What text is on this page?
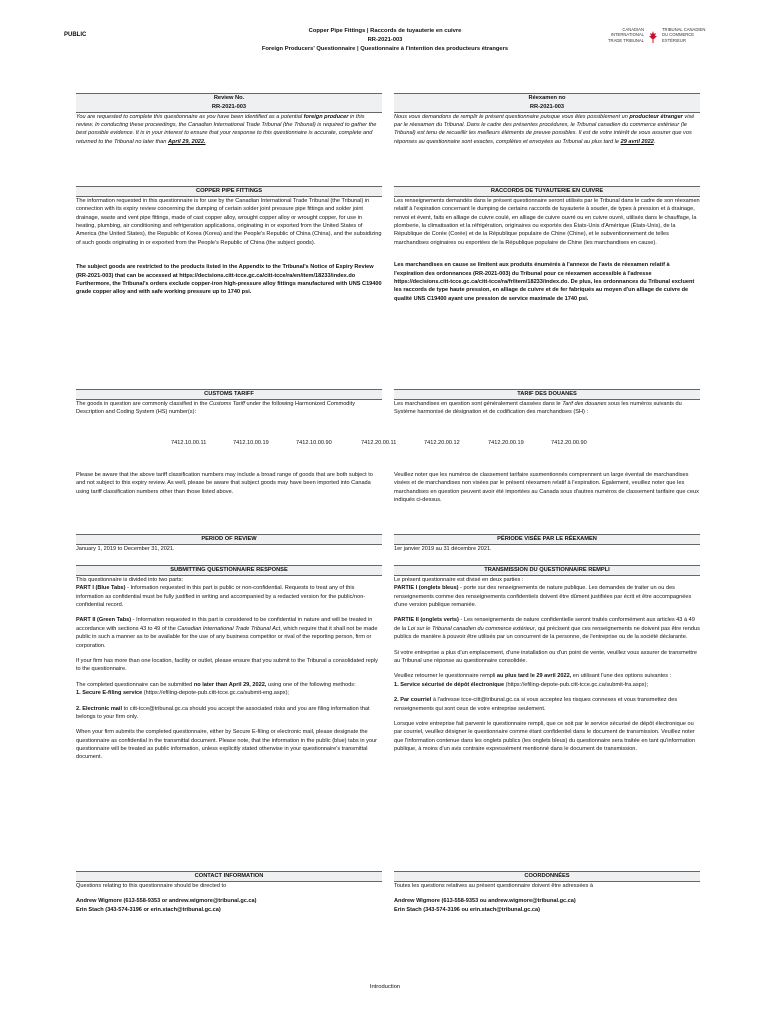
PUBLIC
Copper Pipe Fittings | Raccords de tuyauterie en cuivre
RR-2021-003
Foreign Producers' Questionnaire | Questionnaire à l'intention des producteurs étrangers
CANADIAN
INTERNATIONAL
TRADE TRIBUNAL
TRIBUNAL CANADIEN
DU COMMERCE
EXTÉRIEUR
Review No.
RR-2021-003
You are requested to complete this questionnaire as you have been identified as a potential foreign producer in this review. In conducting these proceedings, the Canadian International Trade Tribunal (the Tribunal) is required to gather the best possible evidence. It is in your interest to ensure that your response to this questionnaire is accurate, complete and returned to the Tribunal no later than April 29, 2022.
Réexamen no
RR-2021-003
Nous vous demandons de remplir le présent questionnaire puisque vous êtes possiblement un producteur étranger visé par le réexamen du Tribunal. Dans le cadre des présentes procédures, le Tribunal canadien du commerce extérieur (le Tribunal) est tenu de recueillir les meilleurs éléments de preuve possibles. Il est de votre intérêt de vous assurer que vos réponses au questionnaire sont exactes, complètes et envoyées au Tribunal au plus tard le 29 avril 2022.
COPPER PIPE FITTINGS
The information requested in this questionnaire is for use by the Canadian International Trade Tribunal (the Tribunal) in connection with its expiry review concerning the dumping of certain solder joint pressure pipe fittings and solder joint drainage, waste and vent pipe fittings, made of cast copper alloy, wrought copper alloy or wrought copper, for use in heating, plumbing, air conditioning and refrigeration applications, originating in or exported from the United States of America (the United States), the Republic of Korea (Korea) and the People's Republic of China (China), and the subsidizing of such goods originating in or exported from the People's Republic of China (the subject goods).
The subject goods are restricted to the products listed in the Appendix to the Tribunal's Notice of Expiry Review (RR-2021-003) that can be accessed at https://decisions.citt-tcce.gc.ca/citt-tcce/ra/en/item/18233/index.do Furthermore, the Tribunal's orders exclude copper-iron high-pressure alloy fittings manufactured with UNS C19400 grade copper alloy and with safe working pressure up to 1740 psi.
RACCORDS DE TUYAUTERIE EN CUIVRE
Les renseignements demandés dans le présent questionnaire seront utilisés par le Tribunal dans le cadre de son réexamen relatif à l'expiration concernant le dumping de certains raccords de tuyauterie à souder, de types à pression et à drainage, renvoi et évent, faits en alliage de cuivre coulé, en alliage de cuivre ouvré ou en cuivre ouvré, utilisés dans le chauffage, la plomberie, la climatisation et la réfrigération, originaires ou exportés des États-Unis d'Amérique (États-Unis), de la République de Corée (Corée) et de la République populaire de Chine (Chine), et le subventionnement de telles marchandises originaires ou exportées de la République populaire de Chine (les marchandises en cause).
Les marchandises en cause se limitent aux produits énumérés à l'annexe de l'avis de réexamen relatif à l'expiration des ordonnances (RR-2021-003) du Tribunal pour ce réexamen accessible à l'adresse https://decisions.citt-tcce.gc.ca/citt-tcce/ra/fr/item/18233/index.do. De plus, les ordonnances du Tribunal excluent les raccords de type haute pression, en alliage de cuivre et de fer fabriqués au moyen d'un alliage de cuivre de qualité UNS C19400 ayant une pression de service maximale de 1740 psi.
CUSTOMS TARIFF
The goods in question are commonly classified in the Customs Tariff under the following Harmonized Commodity Description and Coding System (HS) number(s):
TARIF DES DOUANES
Les marchandises en question sont généralement classées dans le Tarif des douanes sous les numéros suivants du Système harmonisé de désignation et de codification des marchandises (SH) :
7412.10.00.11	7412.10.00.19	7412.10.00.90	7412.20.00.11	7412.20.00.12	7412.20.00.19	7412.20.00.90
Please be aware that the above tariff classification numbers may include a broad range of goods that are both subject to and not subject to this expiry review. As well, please be aware that subject goods may have been imported into Canada using tariff classification numbers other than those listed above.
Veuillez noter que les numéros de classement tarifaire susmentionnés comprennent un large éventail de marchandises visées et de marchandises non visées par le présent réexamen relatif à l'expiration. Également, veuillez noter que les marchandises en question peuvent avoir été importées au Canada sous d'autres numéros de classement tarifaire que ceux indiqués ci-dessus.
PERIOD OF REVIEW
January 1, 2019 to December 31, 2021.
PÉRIODE VISÉE PAR LE RÉEXAMEN
1er janvier 2019 au 31 décembre 2021.
SUBMITTING QUESTIONNAIRE RESPONSE
This questionnaire is divided into two parts:
PART I (Blue Tabs) - Information requested in this part is public or non-confidential. Requests to treat any of this information as confidential must be fully justified in writing and accompanied by a redacted version for the public/non-confidential record.
PART II (Green Tabs) - Information requested in this part is considered to be confidential in nature and will be treated in accordance with sections 43 to 49 of the Canadian International Trade Tribunal Act, which require that it shall not be made public in such a manner as to be available for the use of any business competitor or rival of the reporting person, firm or corporation.
If your firm has more than one location, facility or outlet, please ensure that you submit to the Tribunal a consolidated reply to the questionnaire.
The completed questionnaire can be submitted no later than April 29, 2022, using one of the following methods:
1. Secure E-filing service (https://efiling-depote-pub.citt-tcce.gc.ca/submit-eng.aspx);
2. Electronic mail to citt-tcce@tribunal.gc.ca should you accept the associated risks and you are filing information that belongs to your firm only.
When your firm submits the completed questionnaire, either by Secure E-filing or electronic mail, please designate the questionnaire as confidential in the transmittal document. Please note, that the information in the public (blue) tabs in your questionnaire will be treated as public information, unless explicitly stated otherwise in your questionnaire's transmittal document.
TRANSMISSION DU QUESTIONNAIRE REMPLI
Le présent questionnaire est divisé en deux parties :
PARTIE I (onglets bleus) - porte sur des renseignements de nature publique. Les demandes de traiter un ou des renseignements comme des renseignements confidentiels doivent être dûment justifiées par écrit et être accompagnées d'une version publique remaniée.
PARTIE II (onglets verts) - Les renseignements de nature confidentielle seront traités conformément aux articles 43 à 49 de la Loi sur le Tribunal canadien du commerce extérieur, qui précisent que ces renseignements ne doivent pas être rendus publics de manière à pouvoir être utilisés par un concurrent de la personne, de l'entreprise ou de la société déclarante.
Si votre entreprise a plus d'un emplacement, d'une installation ou d'un point de vente, veuillez vous assurer de transmettre au Tribunal une réponse au questionnaire consolidée.
Veuillez retourner le questionnaire rempli au plus tard le 29 avril 2022, en utilisant l'une des options suivantes :
1. Service sécurisé de dépôt électronique (https://efiling-depote-pub.citt-tcce.gc.ca/submit-fra.aspx);
2. Par courriel à l'adresse tcce-citt@tribunal.gc.ca si vous acceptez les risques connexes et vous transmettez des renseignements qui sont ceux de votre entreprise seulement.
Lorsque votre entreprise fait parvenir le questionnaire rempli, que ce soit par le service sécurisé de dépôt électronique ou par courriel, veuillez désigner le questionnaire comme étant confidentiel dans le document de transmission. Veuillez noter que l'information contenue dans les onglets publics (les onglets bleus) du questionnaire sera traitée en tant qu'information publique, à moins d'un avis contraire expressément mentionné dans le document de transmission.
CONTACT INFORMATION
Questions relating to this questionnaire should be directed to
Andrew Wigmore (613-558-9353 or andrew.wigmore@tribunal.gc.ca)
Erin Stach (343-574-3196 or erin.stach@tribunal.gc.ca)
COORDONNÉES
Toutes les questions relatives au présent questionnaire doivent être adressées à
Andrew Wigmore (613-558-9353 ou andrew.wigmore@tribunal.gc.ca)
Erin Stach (343-574-3196 ou erin.stach@tribunal.gc.ca)
Introduction
